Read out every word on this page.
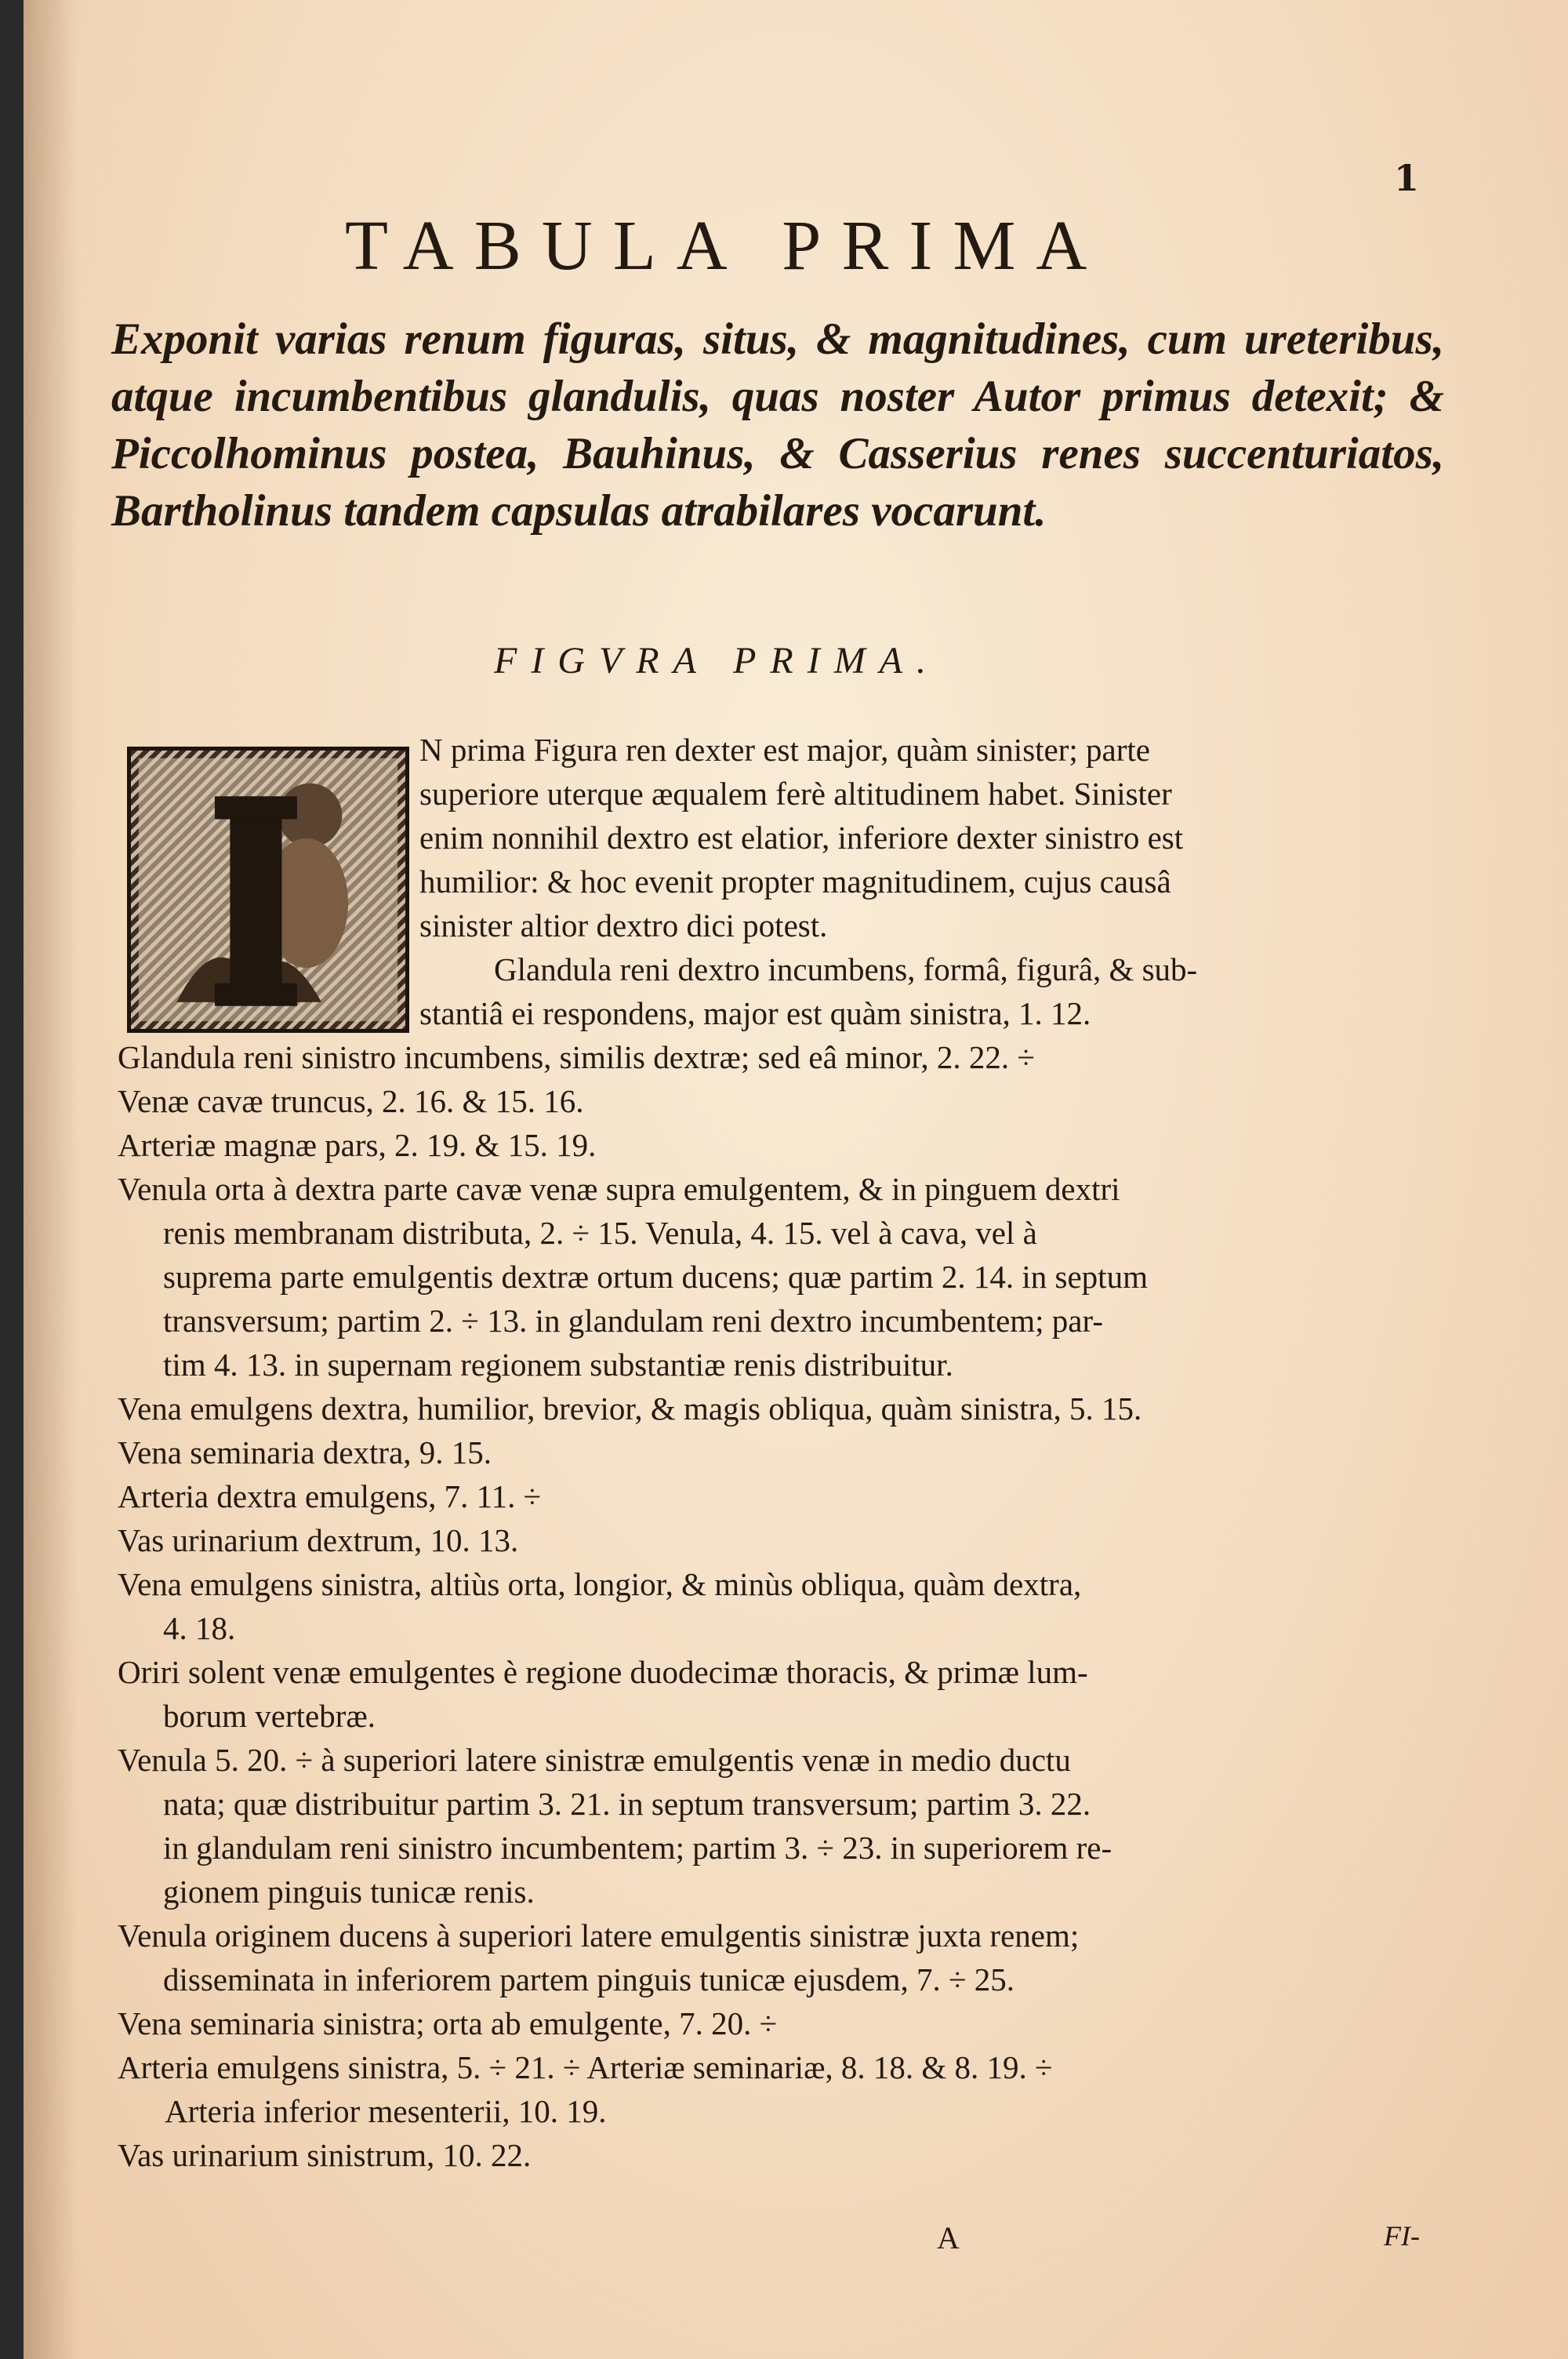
1
TABULA PRIMA
Exponit varias renum figuras, situs, & magnitudines, cum ureteribus, atque incumbentibus glandulis, quas noster Autor primus detexit; & Piccolhominus postea, Bauhinus, & Casserius renes succenturiatos, Bartholinus tandem capsulas atrabilares vocarunt.
FIGVRA PRIMA.
N prima Figura ren dexter est major, quàm sinister; parte
superiore uterque æqualem ferè altitudinem habet. Sinister
enim nonnihil dextro est elatior, inferiore dexter sinistro est
humilior: & hoc evenit propter magnitudinem, cujus causâ
sinister altior dextro dici potest.
Glandula reni dextro incumbens, formâ, figurâ, & sub-
stantiâ ei respondens, major est quàm sinistra, 1. 12.
Glandula reni sinistro incumbens, similis dextræ; sed eâ minor, 2. 22. ÷
Venæ cavæ truncus, 2. 16. & 15. 16.
Arteriæ magnæ pars, 2. 19. & 15. 19.
Venula orta à dextra parte cavæ venæ supra emulgentem, & in pinguem dextri
renis membranam distributa, 2. ÷ 15. Venula, 4. 15. vel à cava, vel à
suprema parte emulgentis dextræ ortum ducens; quæ partim 2. 14. in septum
transversum; partim 2. ÷ 13. in glandulam reni dextro incumbentem; par-
tim 4. 13. in supernam regionem substantiæ renis distribuitur.
Vena emulgens dextra, humilior, brevior, & magis obliqua, quàm sinistra, 5. 15.
Vena seminaria dextra, 9. 15.
Arteria dextra emulgens, 7. 11. ÷
Vas urinarium dextrum, 10. 13.
Vena emulgens sinistra, altiùs orta, longior, & minùs obliqua, quàm dextra,
4. 18.
Oriri solent venæ emulgentes è regione duodecimæ thoracis, & primæ lum-
borum vertebræ.
Venula 5. 20. ÷ à superiori latere sinistræ emulgentis venæ in medio ductu
nata; quæ distribuitur partim 3. 21. in septum transversum; partim 3. 22.
in glandulam reni sinistro incumbentem; partim 3. ÷ 23. in superiorem re-
gionem pinguis tunicæ renis.
Venula originem ducens à superiori latere emulgentis sinistræ juxta renem;
disseminata in inferiorem partem pinguis tunicæ ejusdem, 7. ÷ 25.
Vena seminaria sinistra; orta ab emulgente, 7. 20. ÷
Arteria emulgens sinistra, 5. ÷ 21. ÷ Arteriæ seminariæ, 8. 18. & 8. 19. ÷
Arteria inferior mesenterii, 10. 19.
Vas urinarium sinistrum, 10. 22.
A	FI-
